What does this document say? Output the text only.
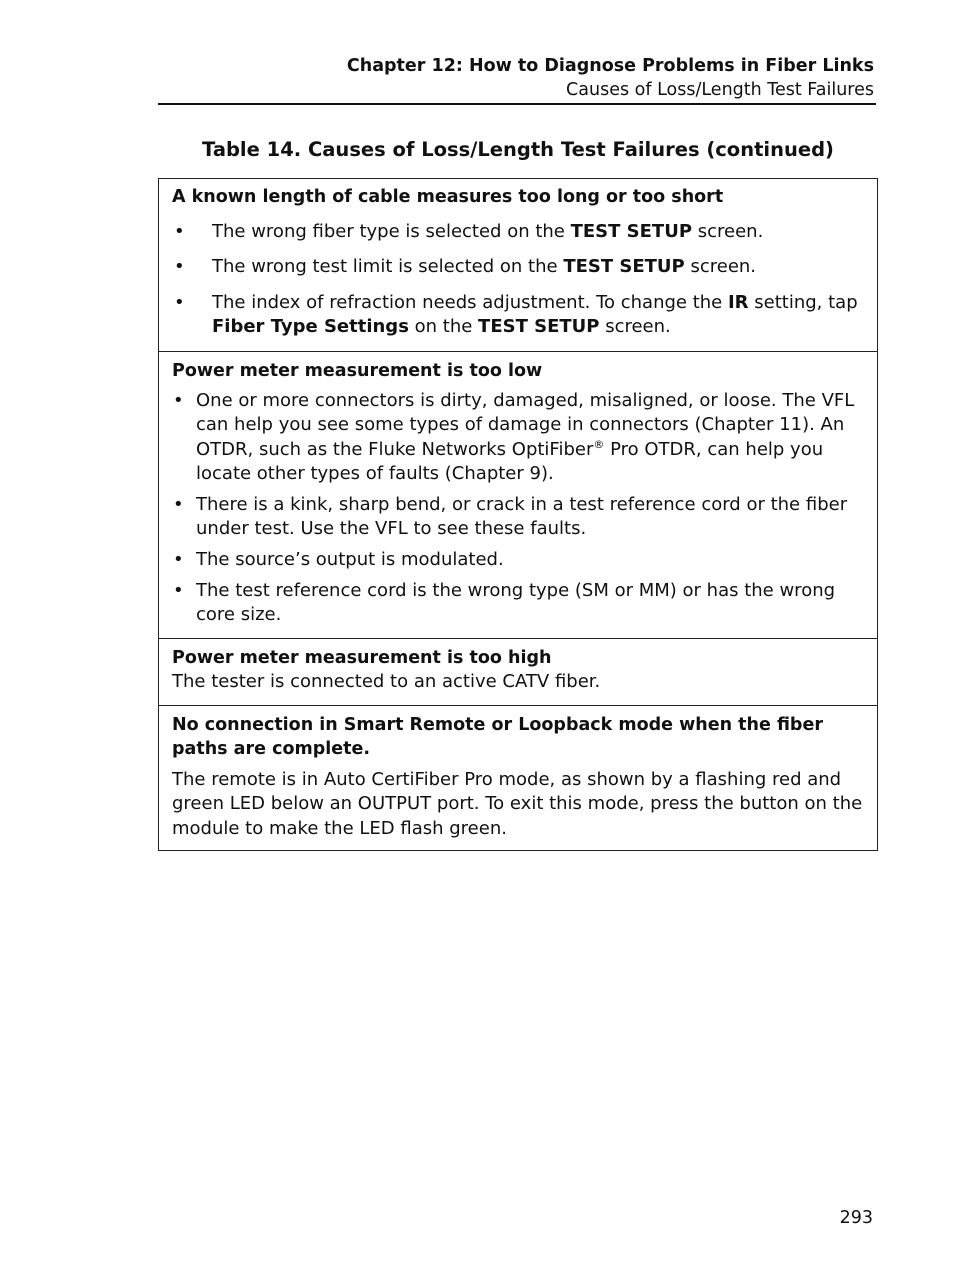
Chapter 12: How to Diagnose Problems in Fiber Links
Causes of Loss/Length Test Failures
Table 14. Causes of Loss/Length Test Failures (continued)
A known length of cable measures too long or too short
• The wrong fiber type is selected on the TEST SETUP screen.
• The wrong test limit is selected on the TEST SETUP screen.
• The index of refraction needs adjustment. To change the IR setting, tap Fiber Type Settings on the TEST SETUP screen.
Power meter measurement is too low
• One or more connectors is dirty, damaged, misaligned, or loose. The VFL can help you see some types of damage in connectors (Chapter 11). An OTDR, such as the Fluke Networks OptiFiber® Pro OTDR, can help you locate other types of faults (Chapter 9).
• There is a kink, sharp bend, or crack in a test reference cord or the fiber under test. Use the VFL to see these faults.
• The source’s output is modulated.
• The test reference cord is the wrong type (SM or MM) or has the wrong core size.
Power meter measurement is too high

The tester is connected to an active CATV fiber.

No connection in Smart Remote or Loopback mode when the fiber paths are complete.

The remote is in Auto CertiFiber Pro mode, as shown by a flashing red and green LED below an OUTPUT port. To exit this mode, press the button on the module to make the LED flash green.

293
